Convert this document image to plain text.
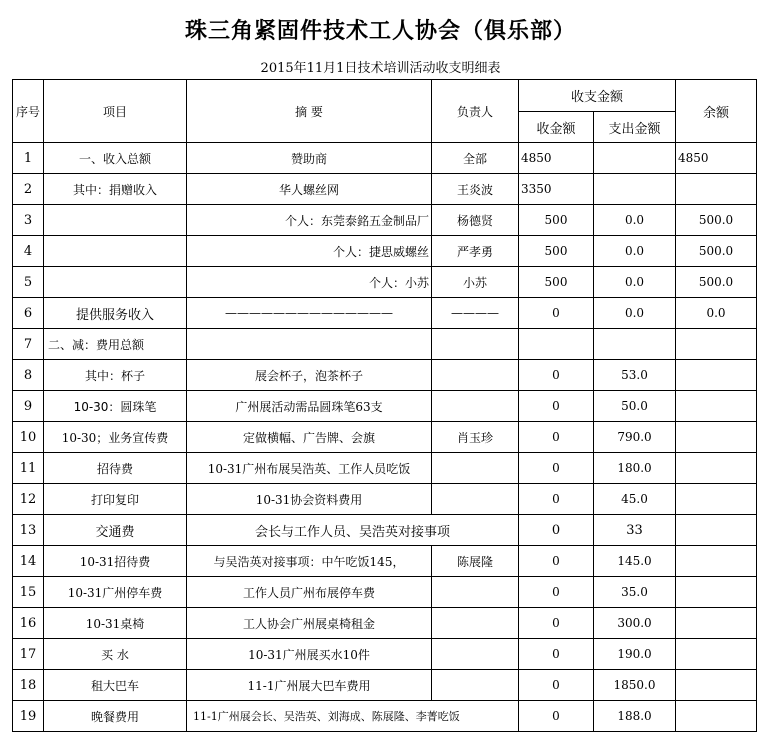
珠三角紧固件技术工人协会（俱乐部）
2015年11月1日技术培训活动收支明细表
序号	项目	摘 要	负责人	收支金额		余额
				收金额	支出金额	
1	一、收入总额	赞助商	全部	4850		4850
2	其中：捐赠收入	华人螺丝网	王炎波	3350		
3		个人：东莞泰銘五金制品厂	杨德贤	500	0.0	500.0
4		个人：捷思威螺丝	严孝勇	500	0.0	500.0
5		个人：小苏	小苏	500	0.0	500.0
6	提供服务收入	——————————————	————	0	0.0	0.0
7	二、减：费用总额					
8	其中：杯子	展会杯子，泡茶杯子		0	53.0	
9	10-30：圆珠笔	广州展活动需品圆珠笔63支		0	50.0	
10	10-30；业务宣传费	定做横幅、广告牌、会旗	肖玉珍	0	790.0	
11	招待费	10-31广州布展吴浩英、工作人员吃饭		0	180.0	
12	打印复印	10-31协会资料费用		0	45.0	
13	交通费	会长与工作人员、吴浩英对接事项		0	33	
14	10-31招待费	与吴浩英对接事项：中午吃饭145，	陈展隆	0	145.0	
15	10-31广州停车费	工作人员广州布展停车费		0	35.0	
16	10-31桌椅	工人协会广州展桌椅租金		0	300.0	
17	买 水	10-31广州展买水10件		0	190.0	
18	租大巴车	11-1广州展大巴车费用		0	1850.0	
19	晚餐费用	11-1广州展会长、吴浩英、刘海成、陈展隆、李菁吃饭		0	188.0	
